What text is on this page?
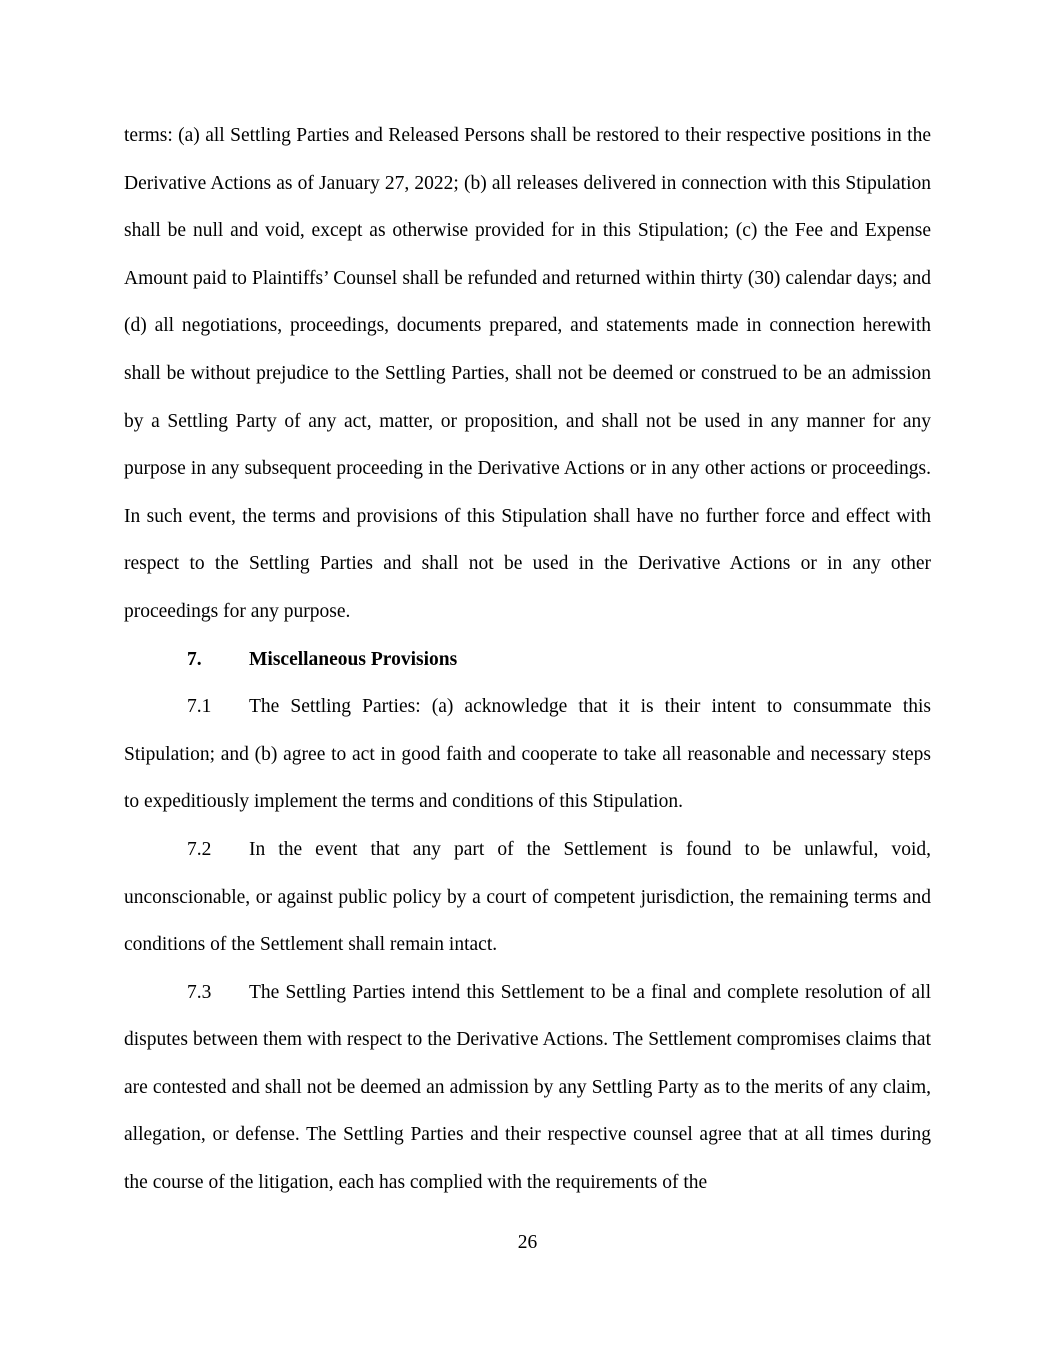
terms: (a) all Settling Parties and Released Persons shall be restored to their respective positions in the Derivative Actions as of January 27, 2022; (b) all releases delivered in connection with this Stipulation shall be null and void, except as otherwise provided for in this Stipulation; (c) the Fee and Expense Amount paid to Plaintiffs’ Counsel shall be refunded and returned within thirty (30) calendar days; and (d) all negotiations, proceedings, documents prepared, and statements made in connection herewith shall be without prejudice to the Settling Parties, shall not be deemed or construed to be an admission by a Settling Party of any act, matter, or proposition, and shall not be used in any manner for any purpose in any subsequent proceeding in the Derivative Actions or in any other actions or proceedings. In such event, the terms and provisions of this Stipulation shall have no further force and effect with respect to the Settling Parties and shall not be used in the Derivative Actions or in any other proceedings for any purpose.

7. Miscellaneous Provisions

7.1 The Settling Parties: (a) acknowledge that it is their intent to consummate this Stipulation; and (b) agree to act in good faith and cooperate to take all reasonable and necessary steps to expeditiously implement the terms and conditions of this Stipulation.

7.2 In the event that any part of the Settlement is found to be unlawful, void, unconscionable, or against public policy by a court of competent jurisdiction, the remaining terms and conditions of the Settlement shall remain intact.

7.3 The Settling Parties intend this Settlement to be a final and complete resolution of all disputes between them with respect to the Derivative Actions. The Settlement compromises claims that are contested and shall not be deemed an admission by any Settling Party as to the merits of any claim, allegation, or defense. The Settling Parties and their respective counsel agree that at all times during the course of the litigation, each has complied with the requirements of the

26
